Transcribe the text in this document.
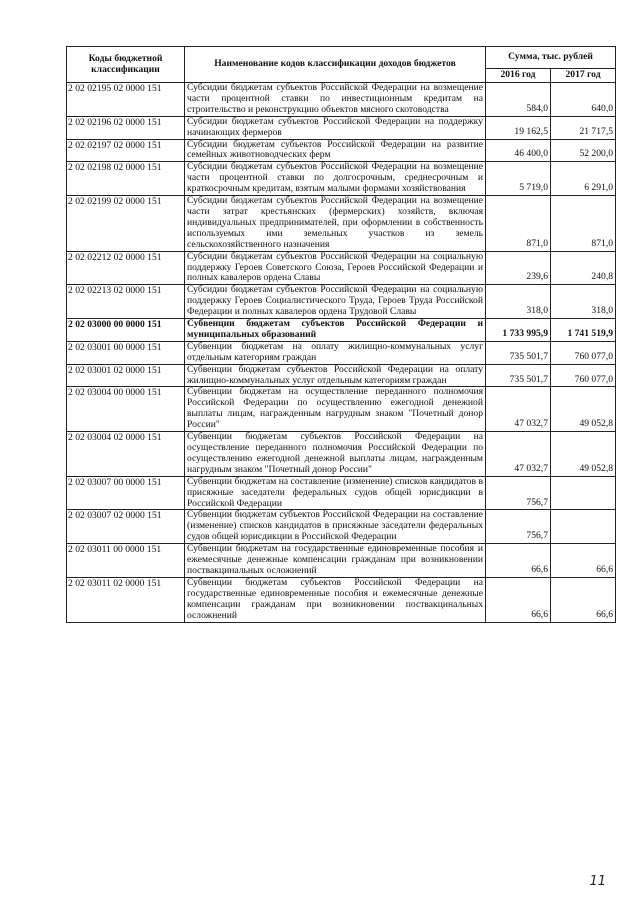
Коды бюджетной классификации	Наименование кодов классификации доходов бюджетов	Сумма, тыс. рублей	
		2016 год	2017 год
2 02 02195 02 0000 151	Субсидии бюджетам субъектов Российской Федерации на возмещение части процентной ставки по инвестиционным кредитам на строительство и реконструкцию объектов мясного скотоводства	584,0	640,0
2 02 02196 02 0000 151	Субсидии бюджетам субъектов Российской Федерации на поддержку начинающих фермеров	19 162,5	21 717,5
2 02 02197 02 0000 151	Субсидии бюджетам субъектов Российской Федерации на развитие семейных животноводческих ферм	46 400,0	52 200,0
2 02 02198 02 0000 151	Субсидии бюджетам субъектов Российской Федерации на возмещение части процентной ставки по долгосрочным, среднесрочным и краткосрочным кредитам, взятым малыми формами хозяйствования	5 719,0	6 291,0
2 02 02199 02 0000 151	Субсидии бюджетам субъектов Российской Федерации на возмещение части затрат крестьянских (фермерских) хозяйств, включая индивидуальных предпринимателей, при оформлении в собственность используемых ими земельных участков из земель сельскохозяйственного назначения	871,0	871,0
2 02 02212 02 0000 151	Субсидии бюджетам субъектов Российской Федерации на социальную поддержку Героев Советского Союза, Героев Российской Федерации и полных кавалеров ордена Славы	239,6	240,8
2 02 02213 02 0000 151	Субсидии бюджетам субъектов Российской Федерации на социальную поддержку Героев Социалистического Труда, Героев Труда Российской Федерации и полных кавалеров ордена Трудовой Славы	318,0	318,0
2 02 03000 00 0000 151	Субвенции бюджетам субъектов Российской Федерации и муниципальных образований	1 733 995,9	1 741 519,9
2 02 03001 00 0000 151	Субвенции бюджетам на оплату жилищно-коммунальных услуг отдельным категориям граждан	735 501,7	760 077,0
2 02 03001 02 0000 151	Субвенции бюджетам субъектов Российской Федерации на оплату жилищно-коммунальных услуг отдельным категориям граждан	735 501,7	760 077,0
2 02 03004 00 0000 151	Субвенции бюджетам на осуществление переданного полномочия Российской Федерации по осуществлению ежегодной денежной выплаты лицам, награжденным нагрудным знаком "Почетный донор России"	47 032,7	49 052,8
2 02 03004 02 0000 151	Субвенции бюджетам субъектов Российской Федерации на осуществление переданного полномочия Российской Федерации по осуществлению ежегодной денежной выплаты лицам, награжденным нагрудным знаком "Почетный донор России"	47 032,7	49 052,8
2 02 03007 00 0000 151	Субвенции бюджетам на составление (изменение) списков кандидатов в присяжные заседатели федеральных судов общей юрисдикции в Российской Федерации	756,7	
2 02 03007 02 0000 151	Субвенции бюджетам субъектов Российской Федерации на составление (изменение) списков кандидатов в присяжные заседатели федеральных судов общей юрисдикции в Российской Федерации	756,7	
2 02 03011 00 0000 151	Субвенции бюджетам на государственные единовременные пособия и ежемесячные денежные компенсации гражданам при возникновении поствакцинальных осложнений	66,6	66,6
2 02 03011 02 0000 151	Субвенции бюджетам субъектов Российской Федерации на государственные единовременные пособия и ежемесячные денежные компенсации гражданам при возникновении поствакцинальных осложнений	66,6	66,6
11
